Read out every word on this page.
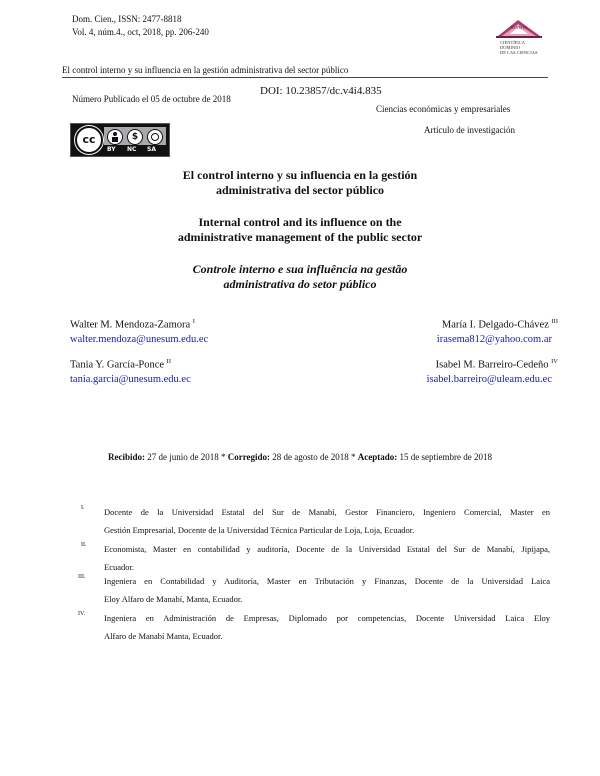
Dom. Cien., ISSN: 2477-8818
Vol. 4, núm.4., oct, 2018, pp. 206-240	REVISTA
CIENTÍFICA
DOMINIO
DE LAS CIENCIAS
El control interno y su influencia en la gestión administrativa del sector público
Número Publicado el 05 de octubre de 2018
DOI: 10.23857/dc.v4i4.835
Ciencias económicas y empresariales
Artículo de investigación
cc	$
BY NC SA
El control interno y su influencia en la gestión
administrativa del sector público
Internal control and its influence on the
administrative management of the public sector
Controle interno e sua influência na gestão
administrativa do setor público
Walter M. Mendoza-Zamora $^I$
walter.mendoza@unesum.edu.ec
María I. Delgado-Chávez $^{III}$
irasema812@yahoo.com.ar
Tania Y. García-Ponce $^{II}$
tania.garcia@unesum.edu.ec
Isabel M. Barreiro-Cedeño $^{IV}$
isabel.barreiro@uleam.edu.ec
Recibido: 27 de junio de 2018 * Corregido: 28 de agosto de 2018 * Aceptado: 15 de septiembre de 2018
I. Docente de la Universidad Estatal del Sur de Manabí, Gestor Financiero, Ingeniero Comercial, Master en
Gestión Empresarial, Docente de la Universidad Técnica Particular de Loja, Loja, Ecuador.
II. Economista, Master en contabilidad y auditoría, Docente de la Universidad Estatal del Sur de Manabí, Jipijapa,
Ecuador.
III. Ingeniera en Contabilidad y Auditoría, Master en Tributación y Finanzas, Docente de la Universidad Laica
Eloy Alfaro de Manabí, Manta, Ecuador.
IV. Ingeniera en Administración de Empresas, Diplomado por competencias, Docente Universidad Laica Eloy
Alfaro de Manabí Manta, Ecuador.
